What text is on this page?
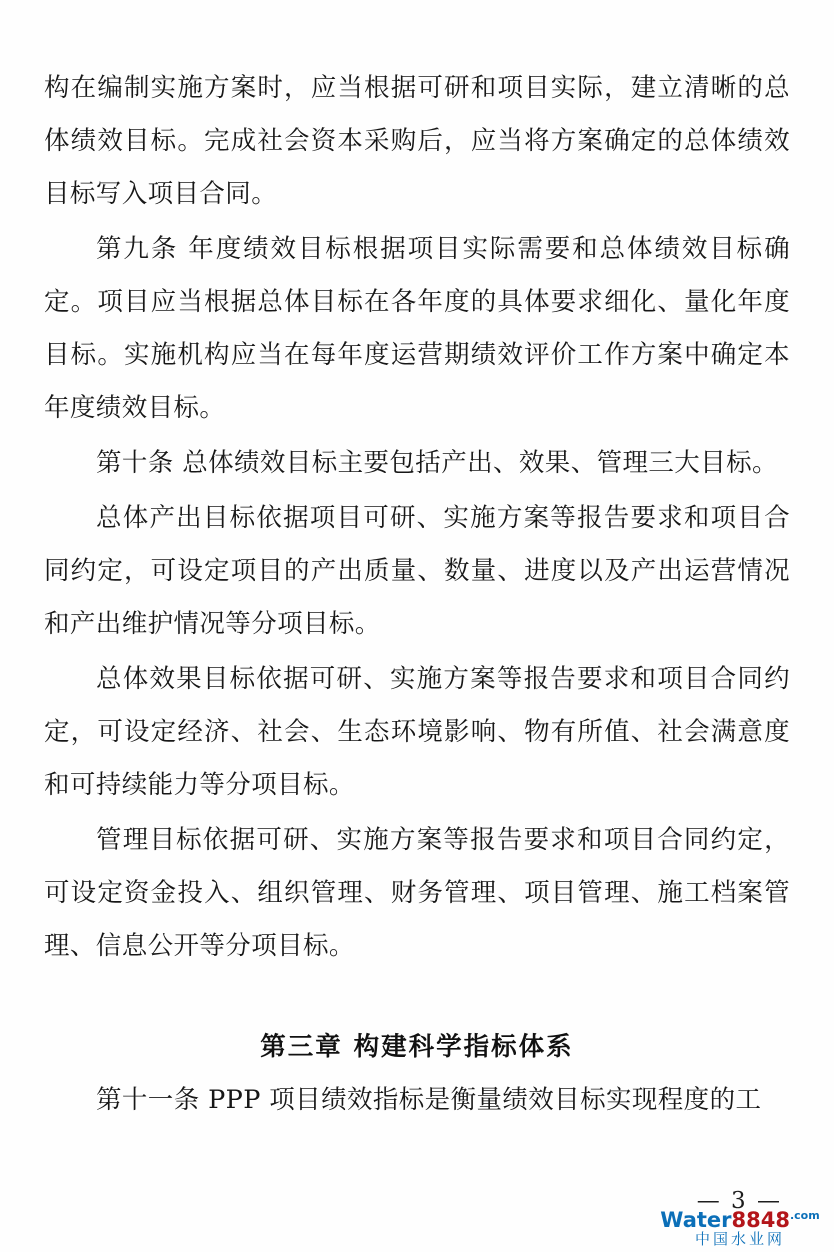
构在编制实施方案时，应当根据可研和项目实际，建立清晰的总体绩效目标。完成社会资本采购后，应当将方案确定的总体绩效目标写入项目合同。

第九条 年度绩效目标根据项目实际需要和总体绩效目标确定。项目应当根据总体目标在各年度的具体要求细化、量化年度目标。实施机构应当在每年度运营期绩效评价工作方案中确定本年度绩效目标。

第十条 总体绩效目标主要包括产出、效果、管理三大目标。

总体产出目标依据项目可研、实施方案等报告要求和项目合同约定，可设定项目的产出质量、数量、进度以及产出运营情况和产出维护情况等分项目标。

总体效果目标依据可研、实施方案等报告要求和项目合同约定，可设定经济、社会、生态环境影响、物有所值、社会满意度和可持续能力等分项目标。

管理目标依据可研、实施方案等报告要求和项目合同约定，可设定资金投入、组织管理、财务管理、项目管理、施工档案管理、信息公开等分项目标。

第三章 构建科学指标体系

第十一条 PPP 项目绩效指标是衡量绩效目标实现程度的工

— 3 —
$Water8848^{.com}$
中国水业网
